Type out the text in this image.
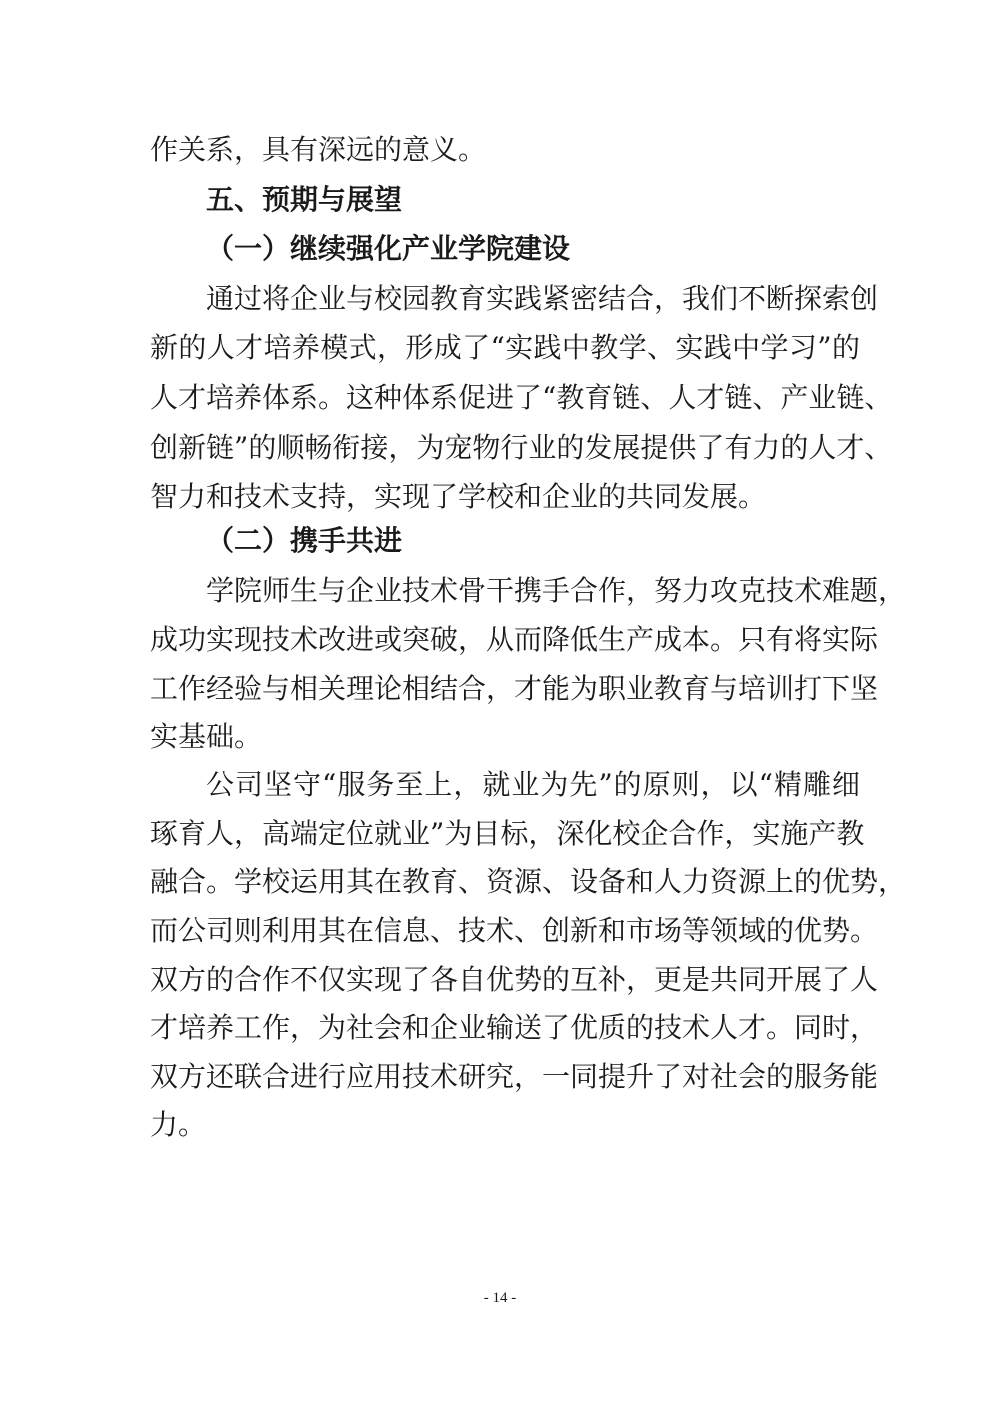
作关系，具有深远的意义。
五、预期与展望
（一）继续强化产业学院建设
通过将企业与校园教育实践紧密结合，我们不断探索创
新的人才培养模式，形成了“实践中教学、实践中学习”的
人才培养体系。这种体系促进了“教育链、人才链、产业链、
创新链”的顺畅衔接，为宠物行业的发展提供了有力的人才、
智力和技术支持，实现了学校和企业的共同发展。
（二）携手共进
学院师生与企业技术骨干携手合作，努力攻克技术难题，
成功实现技术改进或突破，从而降低生产成本。只有将实际
工作经验与相关理论相结合，才能为职业教育与培训打下坚
实基础。
公司坚守“服务至上，就业为先”的原则，以“精雕细
琢育人，高端定位就业”为目标，深化校企合作，实施产教
融合。学校运用其在教育、资源、设备和人力资源上的优势，
而公司则利用其在信息、技术、创新和市场等领域的优势。
双方的合作不仅实现了各自优势的互补，更是共同开展了人
才培养工作，为社会和企业输送了优质的技术人才。同时，
双方还联合进行应用技术研究，一同提升了对社会的服务能
力。
- 14 -
